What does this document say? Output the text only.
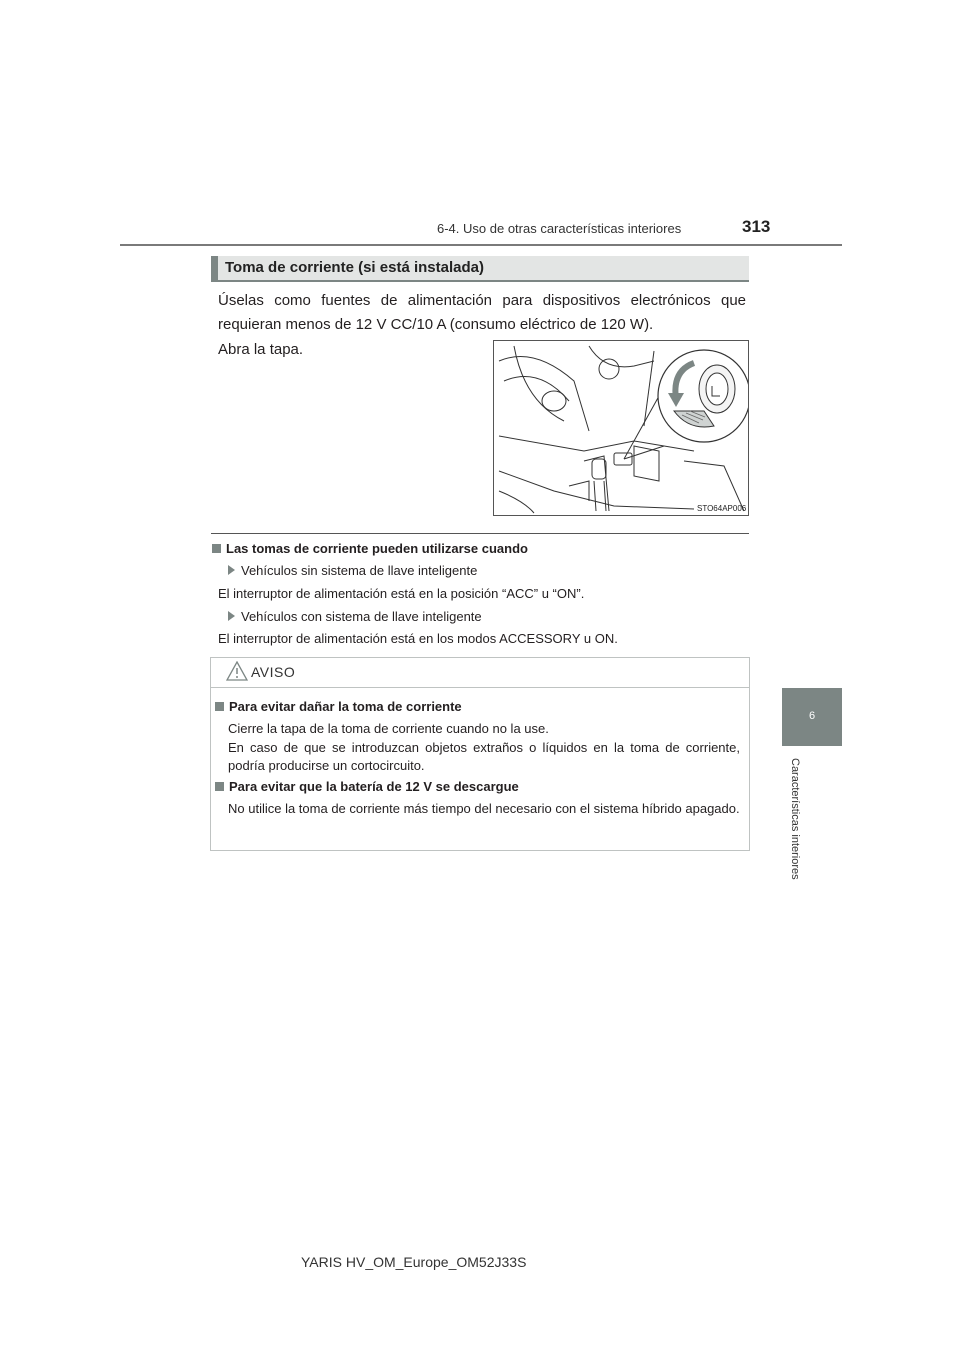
6-4. Uso de otras características interiores	313
6
Características interiores
Toma de corriente (si está instalada)
Úselas como fuentes de alimentación para dispositivos electrónicos que requieran menos de 12 V CC/10 A (consumo eléctrico de 120 W).
Abra la tapa.
STO64AP006
Las tomas de corriente pueden utilizarse cuando
Vehículos sin sistema de llave inteligente
El interruptor de alimentación está en la posición “ACC” u “ON”.
Vehículos con sistema de llave inteligente
El interruptor de alimentación está en los modos ACCESSORY u ON.
AVISO
Para evitar dañar la toma de corriente
Cierre la tapa de la toma de corriente cuando no la use.
En caso de que se introduzcan objetos extraños o líquidos en la toma de corriente, podría producirse un cortocircuito.
Para evitar que la batería de 12 V se descargue
No utilice la toma de corriente más tiempo del necesario con el sistema híbrido apagado.
YARIS HV_OM_Europe_OM52J33S
